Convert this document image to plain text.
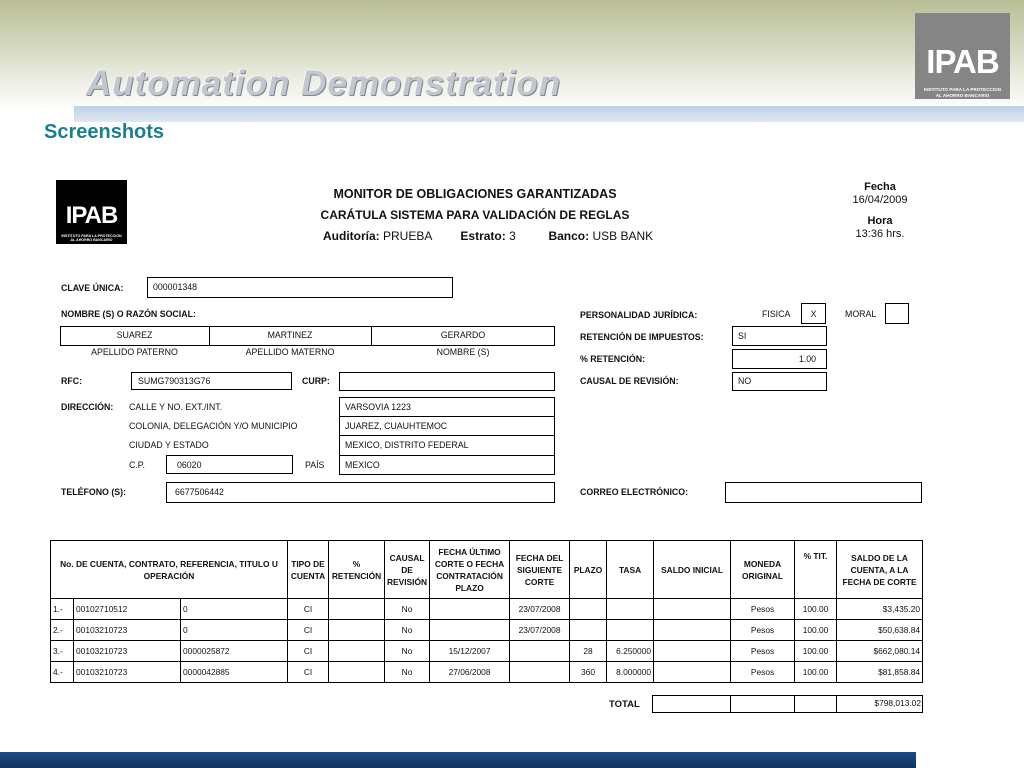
Automation Demonstration
IPAB
INSTITUTO PARA LA PROTECCION
AL AHORRO BANCARIO
Screenshots
IPAB
INSTITUTO PARA LA PROTECCION
AL AHORRO BANCARIO
MONITOR DE OBLIGACIONES GARANTIZADAS
CARÁTULA SISTEMA PARA VALIDACIÓN DE REGLAS
Auditoría: PRUEBA Estrato: 3	Banco: USB BANK
Fecha
16/04/2009
Hora
13:36 hrs.
CLAVE ÚNICA:	000001348
NOMBRE (S) O RAZÓN SOCIAL:
SUAREZ	MARTINEZ	GERARDO
APELLIDO PATERNO	APELLIDO MATERNO	NOMBRE (S)
RFC:	SUMG790313G76	CURP:
DIRECCIÓN: CALLE Y NO. EXT./INT.
COLONIA, DELEGACIÓN Y/O MUNICIPIO
CIUDAD Y ESTADO
C.P.	06020	PAÍS
VARSOVIA 1223
JUAREZ, CUAUHTEMOC
MEXICO, DISTRITO FEDERAL
MEXICO
TELÉFONO (S):	6677506442
PERSONALIDAD JURÍDICA:	FISICA	X	MORAL
RETENCIÓN DE IMPUESTOS:	SI
% RETENCIÓN:	1.00
CAUSAL DE REVISIÓN:	NO
CORREO ELECTRÓNICO:
No. DE CUENTA, CONTRATO, REFERENCIA, TITULO U OPERACIÓN			TIPO DE CUENTA	% RETENCIÓN	CAUSAL DE REVISIÓN	FECHA ÚLTIMO CORTE O FECHA CONTRATACIÓN PLAZO	FECHA DEL SIGUIENTE CORTE	PLAZO	TASA	SALDO INICIAL	MONEDA ORIGINAL	% TIT.	SALDO DE LA CUENTA, A LA FECHA DE CORTE
1.-	00102710512	0	CI		No		23/07/2008				Pesos	100.00	$3,435.20
2.-	00103210723	0	CI		No		23/07/2008				Pesos	100.00	$50,638.84
3.-	00103210723	0000025872	CI		No	15/12/2007		28	6.250000		Pesos	100.00	$662,080.14
4.-	00103210723	0000042885	CI		No	27/06/2008		360	8.000000		Pesos	100.00	$81,858.84
TOTAL	$798,013.02
